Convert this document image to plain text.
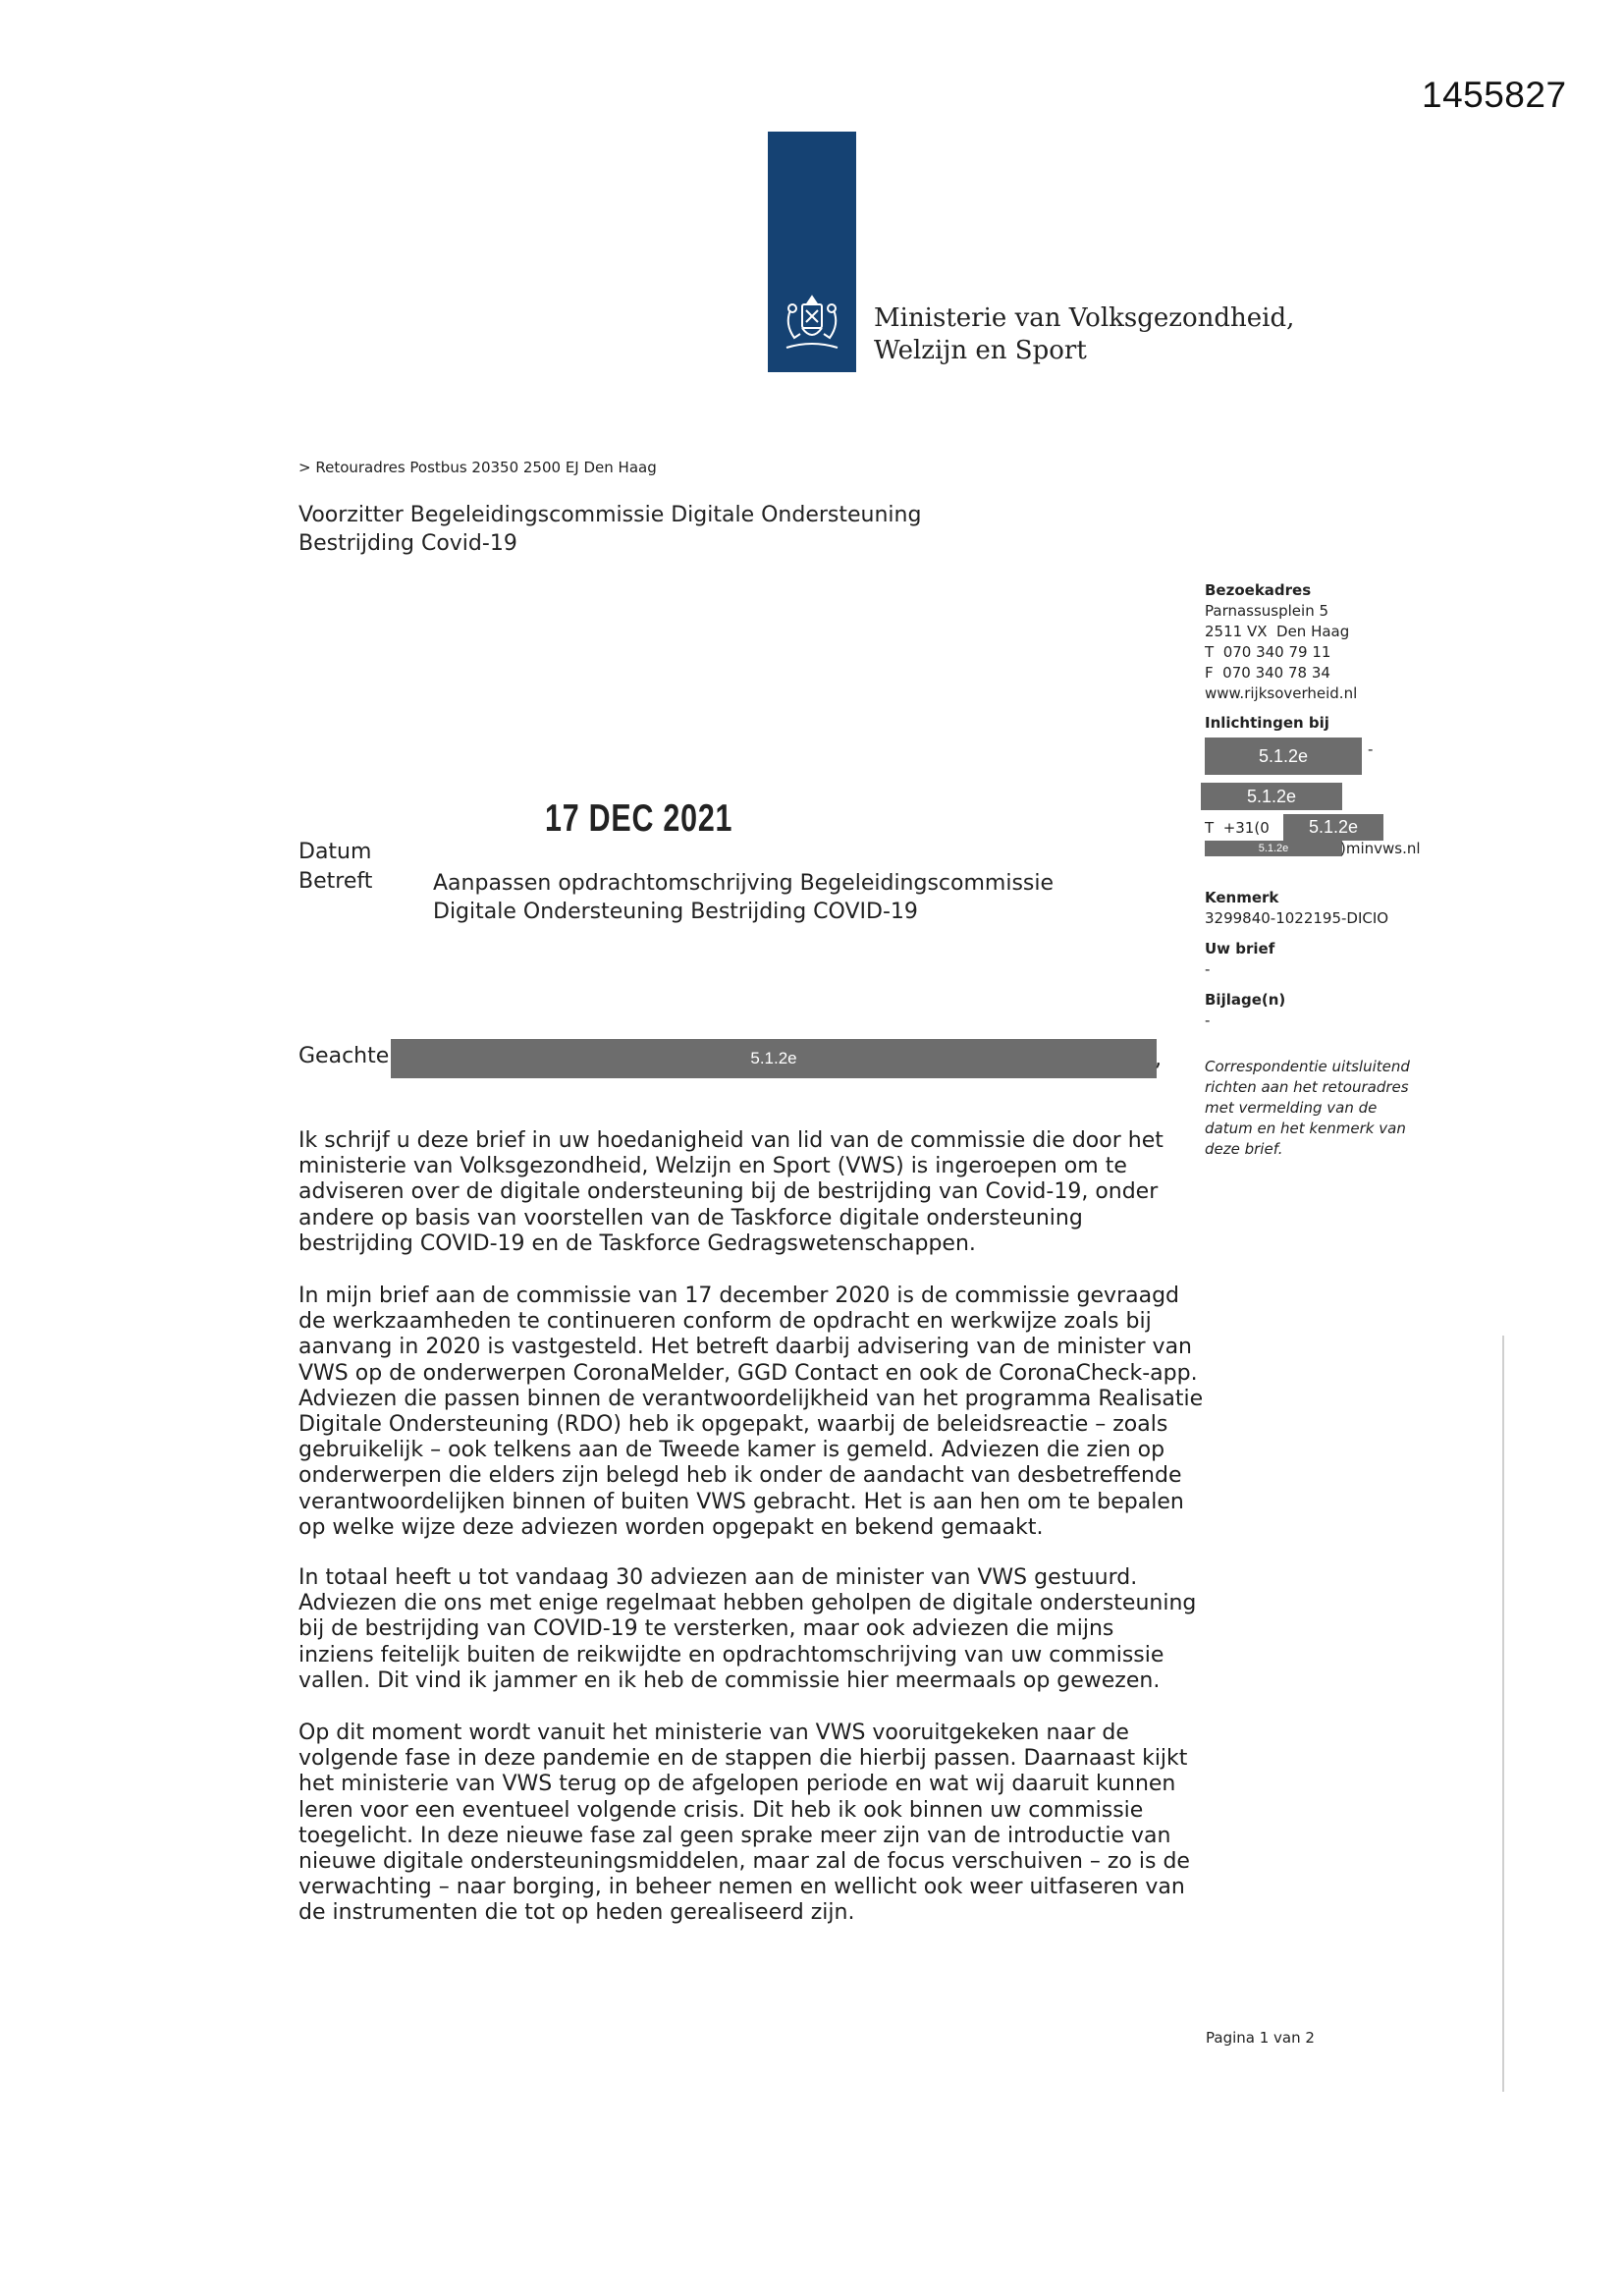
1455827
Ministerie van Volksgezondheid,
Welzijn en Sport
> Retouradres Postbus 20350 2500 EJ Den Haag
Voorzitter Begeleidingscommissie Digitale Ondersteuning
Bestrijding Covid-19
Bezoekadres
Parnassusplein 5
2511 VX  Den Haag
T  070 340 79 11
F  070 340 78 34
www.rijksoverheid.nl
Inlichtingen bij
5.1.2e	-
5.1.2e
T  +31(0	5.1.2e
5.1.2e	)minvws.nl
Kenmerk
3299840-1022195-DICIO
Uw brief
-
Bijlage(n)
-
Correspondentie uitsluitend
richten aan het retouradres
met vermelding van de
datum en het kenmerk van
deze brief.
17 DEC 2021
Datum
Betreft	Aanpassen opdrachtomschrijving Begeleidingscommissie
Digitale Ondersteuning Bestrijding COVID-19
Geachte	5.1.2e	,
Ik schrijf u deze brief in uw hoedanigheid van lid van de commissie die door het
ministerie van Volksgezondheid, Welzijn en Sport (VWS) is ingeroepen om te
adviseren over de digitale ondersteuning bij de bestrijding van Covid-19, onder
andere op basis van voorstellen van de Taskforce digitale ondersteuning
bestrijding COVID-19 en de Taskforce Gedragswetenschappen.
In mijn brief aan de commissie van 17 december 2020 is de commissie gevraagd
de werkzaamheden te continueren conform de opdracht en werkwijze zoals bij
aanvang in 2020 is vastgesteld. Het betreft daarbij advisering van de minister van
VWS op de onderwerpen CoronaMelder, GGD Contact en ook de CoronaCheck-app.
Adviezen die passen binnen de verantwoordelijkheid van het programma Realisatie
Digitale Ondersteuning (RDO) heb ik opgepakt, waarbij de beleidsreactie – zoals
gebruikelijk – ook telkens aan de Tweede kamer is gemeld. Adviezen die zien op
onderwerpen die elders zijn belegd heb ik onder de aandacht van desbetreffende
verantwoordelijken binnen of buiten VWS gebracht. Het is aan hen om te bepalen
op welke wijze deze adviezen worden opgepakt en bekend gemaakt.
In totaal heeft u tot vandaag 30 adviezen aan de minister van VWS gestuurd.
Adviezen die ons met enige regelmaat hebben geholpen de digitale ondersteuning
bij de bestrijding van COVID-19 te versterken, maar ook adviezen die mijns
inziens feitelijk buiten de reikwijdte en opdrachtomschrijving van uw commissie
vallen. Dit vind ik jammer en ik heb de commissie hier meermaals op gewezen.
Op dit moment wordt vanuit het ministerie van VWS vooruitgekeken naar de
volgende fase in deze pandemie en de stappen die hierbij passen. Daarnaast kijkt
het ministerie van VWS terug op de afgelopen periode en wat wij daaruit kunnen
leren voor een eventueel volgende crisis. Dit heb ik ook binnen uw commissie
toegelicht. In deze nieuwe fase zal geen sprake meer zijn van de introductie van
nieuwe digitale ondersteuningsmiddelen, maar zal de focus verschuiven – zo is de
verwachting – naar borging, in beheer nemen en wellicht ook weer uitfaseren van
de instrumenten die tot op heden gerealiseerd zijn.
Pagina 1 van 2
